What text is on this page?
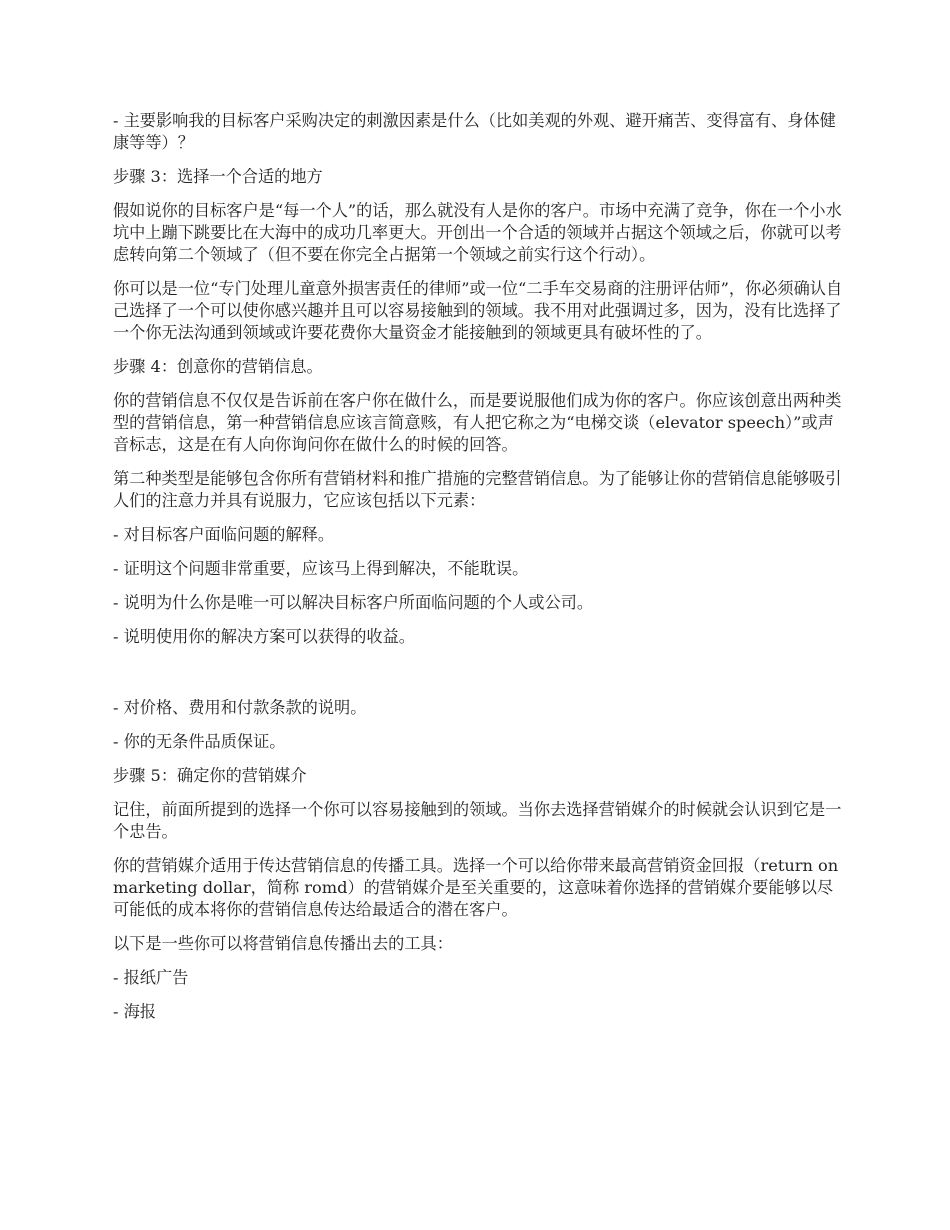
- 主要影响我的目标客户采购决定的刺激因素是什么（比如美观的外观、避开痛苦、变得富有、身体健康等等）？

步骤 3：选择一个合适的地方

假如说你的目标客户是“每一个人”的话，那么就没有人是你的客户。市场中充满了竞争，你在一个小水坑中上蹦下跳要比在大海中的成功几率更大。开创出一个合适的领域并占据这个领域之后，你就可以考虑转向第二个领域了（但不要在你完全占据第一个领域之前实行这个行动）。

你可以是一位“专门处理儿童意外损害责任的律师”或一位“二手车交易商的注册评估师”，你必须确认自己选择了一个可以使你感兴趣并且可以容易接触到的领域。我不用对此强调过多，因为，没有比选择了一个你无法沟通到领域或许要花费你大量资金才能接触到的领域更具有破坏性的了。

步骤 4：创意你的营销信息。

你的营销信息不仅仅是告诉前在客户你在做什么，而是要说服他们成为你的客户。你应该创意出两种类型的营销信息，第一种营销信息应该言简意赅，有人把它称之为“电梯交谈（elevator speech）”或声音标志，这是在有人向你询问你在做什么的时候的回答。

第二种类型是能够包含你所有营销材料和推广措施的完整营销信息。为了能够让你的营销信息能够吸引人们的注意力并具有说服力，它应该包括以下元素：

- 对目标客户面临问题的解释。

- 证明这个问题非常重要，应该马上得到解决，不能耽误。

- 说明为什么你是唯一可以解决目标客户所面临问题的个人或公司。

- 说明使用你的解决方案可以获得的收益。

- 对价格、费用和付款条款的说明。

- 你的无条件品质保证。

步骤 5：确定你的营销媒介

记住，前面所提到的选择一个你可以容易接触到的领域。当你去选择营销媒介的时候就会认识到它是一个忠告。

你的营销媒介适用于传达营销信息的传播工具。选择一个可以给你带来最高营销资金回报（return on marketing dollar，简称 romd）的营销媒介是至关重要的，这意味着你选择的营销媒介要能够以尽可能低的成本将你的营销信息传达给最适合的潜在客户。

以下是一些你可以将营销信息传播出去的工具：

- 报纸广告

- 海报
